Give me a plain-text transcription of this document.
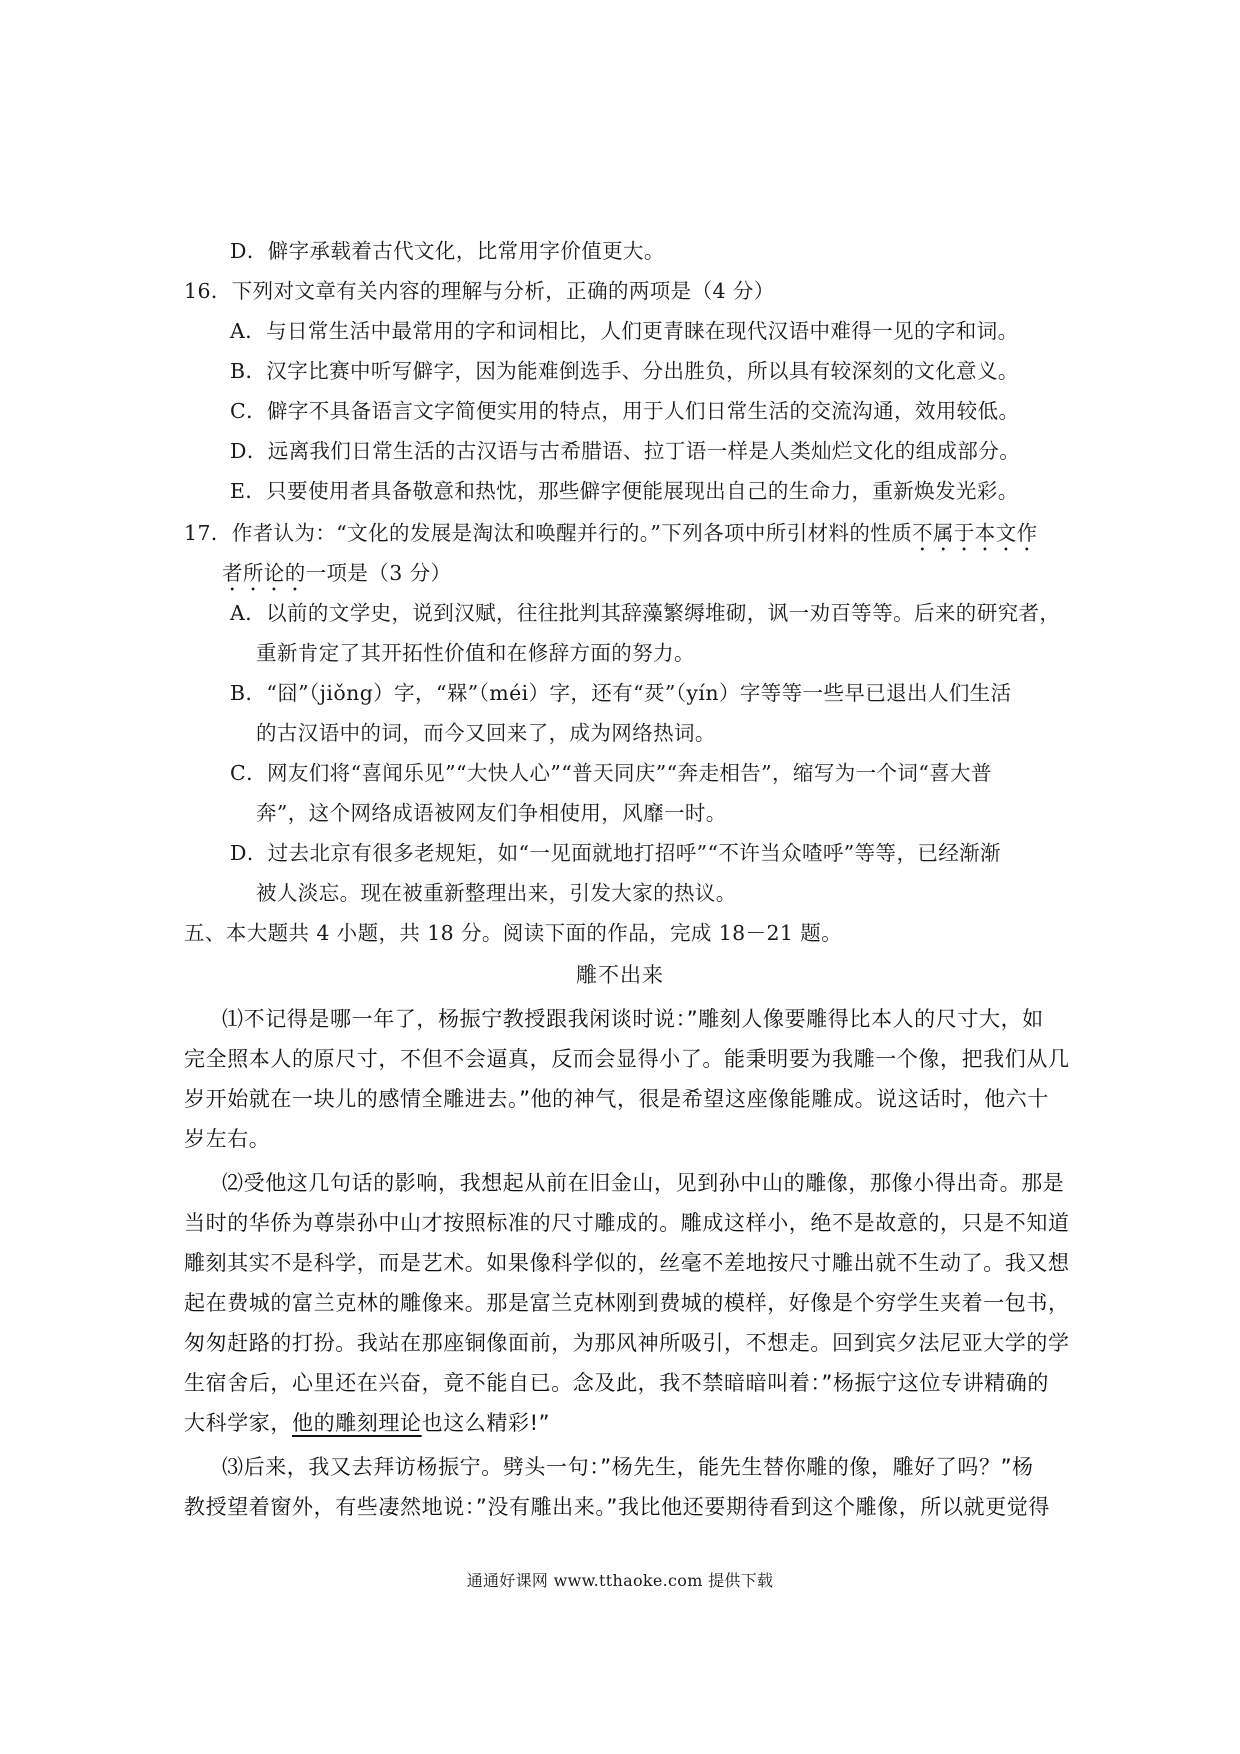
D．僻字承载着古代文化，比常用字价值更大。
16．下列对文章有关内容的理解与分析，正确的两项是（4 分）
A．与日常生活中最常用的字和词相比，人们更青睐在现代汉语中难得一见的字和词。
B．汉字比赛中听写僻字，因为能难倒选手、分出胜负，所以具有较深刻的文化意义。
C．僻字不具备语言文字简便实用的特点，用于人们日常生活的交流沟通，效用较低。
D．远离我们日常生活的古汉语与古希腊语、拉丁语一样是人类灿烂文化的组成部分。
E．只要使用者具备敬意和热忱，那些僻字便能展现出自己的生命力，重新焕发光彩。
17．作者认为：“文化的发展是淘汰和唤醒并行的。”下列各项中所引材料的性质不属于本文作
者所论的一项是（3 分）
A．以前的文学史，说到汉赋，往往批判其辞藻繁缛堆砌，讽一劝百等等。后来的研究者，
重新肯定了其开拓性价值和在修辞方面的努力。
B．“囧”（jiǒng）字，“槑”（méi）字，还有“烎”（yín）字等等一些早已退出人们生活
的古汉语中的词，而今又回来了，成为网络热词。
C．网友们将“喜闻乐见”“大快人心”“普天同庆”“奔走相告”，缩写为一个词“喜大普
奔”，这个网络成语被网友们争相使用，风靡一时。
D．过去北京有很多老规矩，如“一见面就地打招呼”“不许当众喳呼”等等，已经渐渐
被人淡忘。现在被重新整理出来，引发大家的热议。
五、本大题共 4 小题，共 18 分。阅读下面的作品，完成 18－21 题。
雕不出来
⑴不记得是哪一年了，杨振宁教授跟我闲谈时说：”雕刻人像要雕得比本人的尺寸大，如
完全照本人的原尺寸，不但不会逼真，反而会显得小了。能秉明要为我雕一个像，把我们从几
岁开始就在一块儿的感情全雕进去。”他的神气，很是希望这座像能雕成。说这话时，他六十
岁左右。
⑵受他这几句话的影响，我想起从前在旧金山，见到孙中山的雕像，那像小得出奇。那是
当时的华侨为尊崇孙中山才按照标准的尺寸雕成的。雕成这样小，绝不是故意的，只是不知道
雕刻其实不是科学，而是艺术。如果像科学似的，丝毫不差地按尺寸雕出就不生动了。我又想
起在费城的富兰克林的雕像来。那是富兰克林刚到费城的模样，好像是个穷学生夹着一包书，
匆匆赶路的打扮。我站在那座铜像面前，为那风神所吸引，不想走。回到宾夕法尼亚大学的学
生宿舍后，心里还在兴奋，竟不能自已。念及此，我不禁暗暗叫着：”杨振宁这位专讲精确的
大科学家，他的雕刻理论也这么精彩!”
⑶后来，我又去拜访杨振宁。劈头一句：”杨先生，能先生替你雕的像，雕好了吗？”杨
教授望着窗外，有些凄然地说：”没有雕出来。”我比他还要期待看到这个雕像，所以就更觉得
通通好课网 www.tthaoke.com 提供下载
